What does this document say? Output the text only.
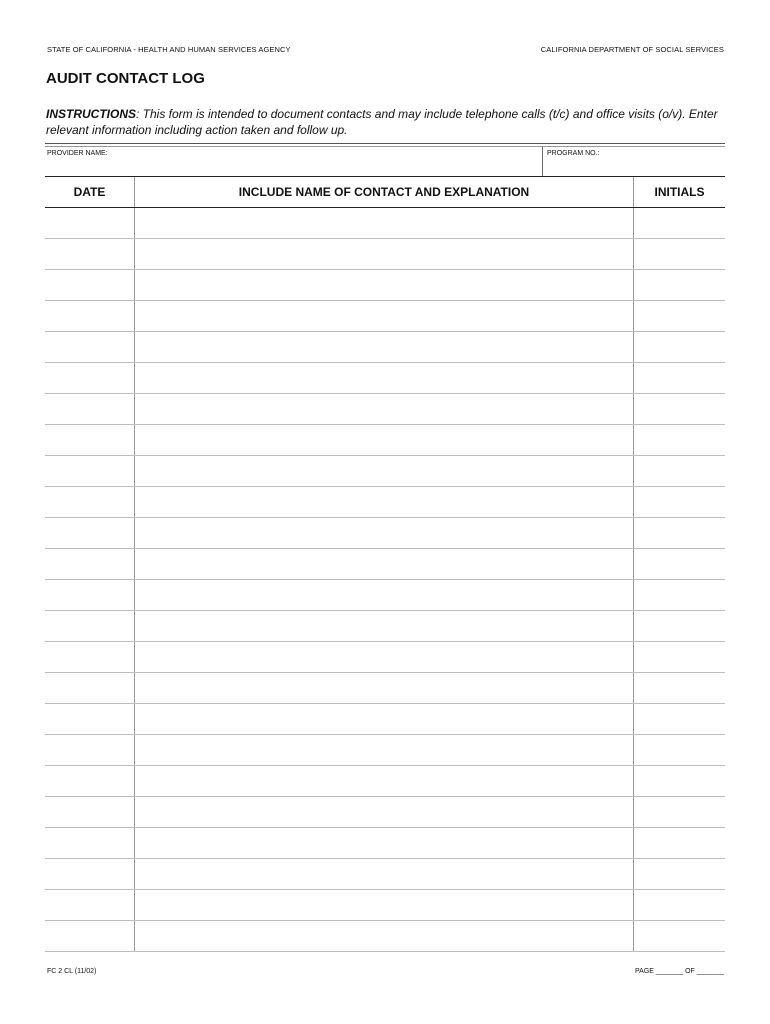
STATE OF CALIFORNIA - HEALTH AND HUMAN SERVICES AGENCY	CALIFORNIA DEPARTMENT OF SOCIAL SERVICES
AUDIT CONTACT LOG
INSTRUCTIONS: This form is intended to document contacts and may include telephone calls (t/c) and office visits (o/v). Enter relevant information including action taken and follow up.
PROVIDER NAME:	PROGRAM NO.:
DATE	INCLUDE NAME OF CONTACT AND EXPLANATION	INITIALS

FC 2 CL (11/02)	PAGE _______ OF _______
